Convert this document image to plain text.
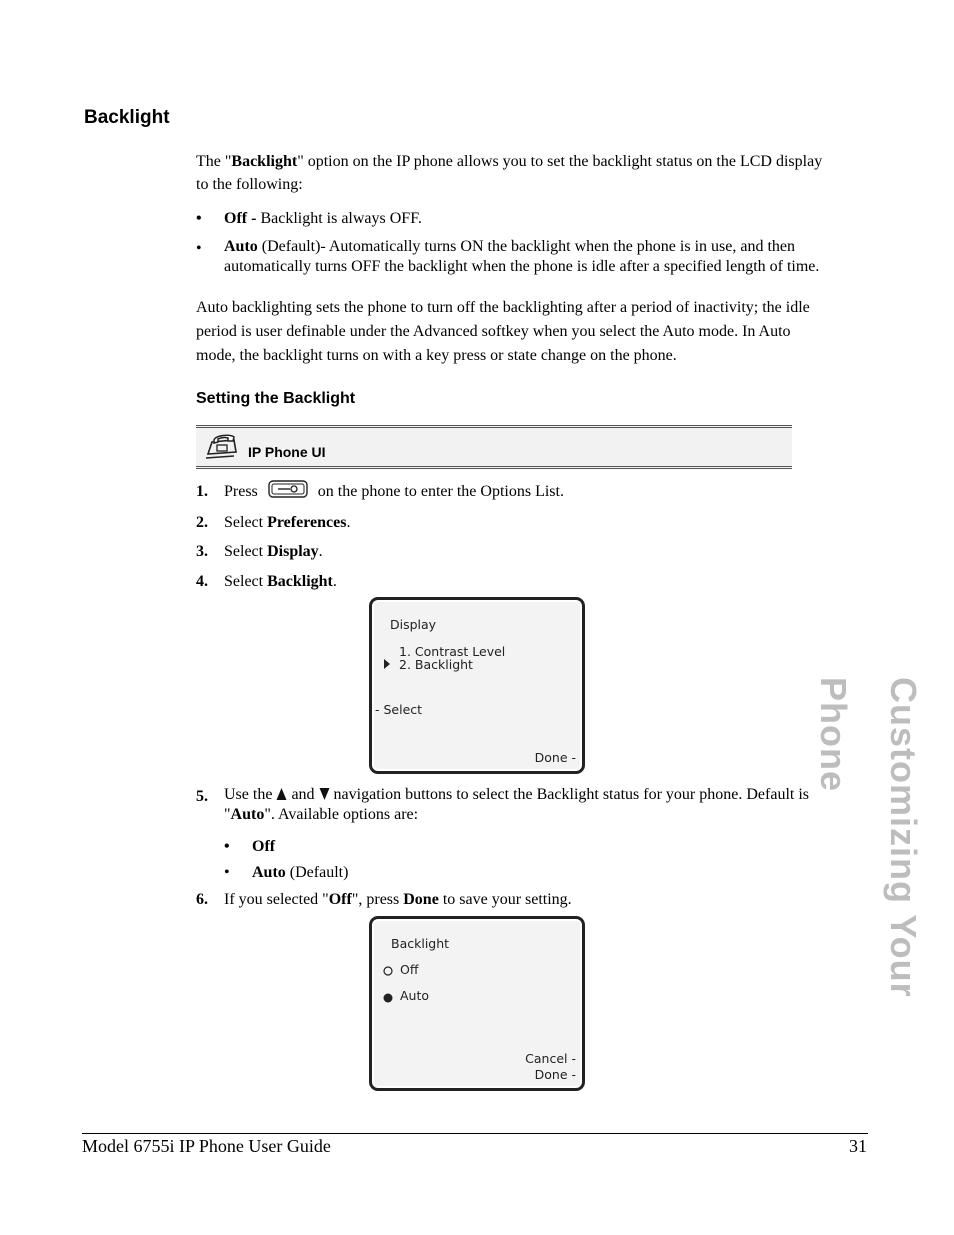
Backlight
The "Backlight" option on the IP phone allows you to set the backlight status on the LCD display
to the following:
• Off - Backlight is always OFF.
• Auto (Default)- Automatically turns ON the backlight when the phone is in use, and then
automatically turns OFF the backlight when the phone is idle after a specified length of time.
Auto backlighting sets the phone to turn off the backlighting after a period of inactivity; the idle
period is user definable under the Advanced softkey when you select the Auto mode. In Auto
mode, the backlight turns on with a key press or state change on the phone.
Setting the Backlight
IP Phone UI
1. Press	on the phone to enter the Options List.
2. Select Preferences.
3. Select Display.
4. Select Backlight.
Display
1. Contrast Level
2. Backlight
- Select
Done -
5. Use the and navigation buttons to select the Backlight status for your phone. Default is
"Auto". Available options are:
• Off
• Auto (Default)
6. If you selected "Off", press Done to save your setting.
Backlight
Off
Auto
Cancel -
Done -
Customizing Your Phone
Model 6755i IP Phone User Guide	31
